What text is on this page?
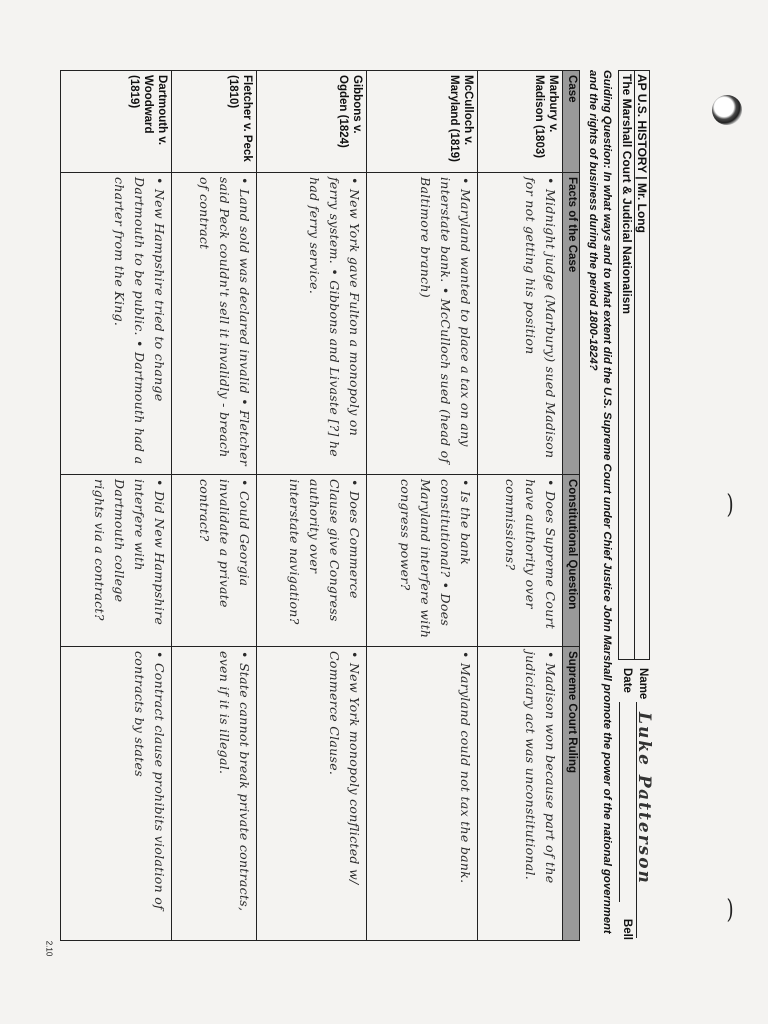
)
)
AP U.S. HISTORY | Mr. Long
The Marshall Court & Judicial Nationalism
Name
Luke Patterson
Date
Bell
Guiding Question: In what ways and to what extent did the U.S. Supreme Court under Chief Justice John Marshall promote the power of the national government and the rights of business during the period 1800-1824?
Case	Facts of the Case	Constitutional Question	Supreme Court Ruling
Marbury v. Madison (1803)	• Midnight judge (Marbury) sued Madison for not getting his position	• Does Supreme Court have authority over commissions?	• Madison won because part of the judiciary act was unconstitutional.
McCulloch v. Maryland (1819)	• Maryland wanted to place a tax on any interstate bank. • McCulloch sued (head of Baltimore branch)	• Is the bank constitutional? • Does Maryland interfere with congress power?	• Maryland could not tax the bank.
Gibbons v. Ogden (1824)	• New York gave Fulton a monopoly on ferry system. • Gibbons and Livaste [?] he had ferry service.	• Does Commerce Clause give Congress authority over interstate navigation?	• New York monopoly conflicted w/ Commerce Clause.
Fletcher v. Peck (1810)	• Land sold was declared invalid • Fletcher said Peck couldn't sell it invalidly - breach of contract	• Could Georgia invalidate a private contract?	• State cannot break private contracts, even if it is illegal.
Dartmouth v. Woodward (1819)	• New Hampshire tried to change Dartmouth to be public. • Dartmouth had a charter from the King.	• Did New Hampshire interfere with Dartmouth college rights via a contract?	• Contract clause prohibits violation of contracts by states
2.10
